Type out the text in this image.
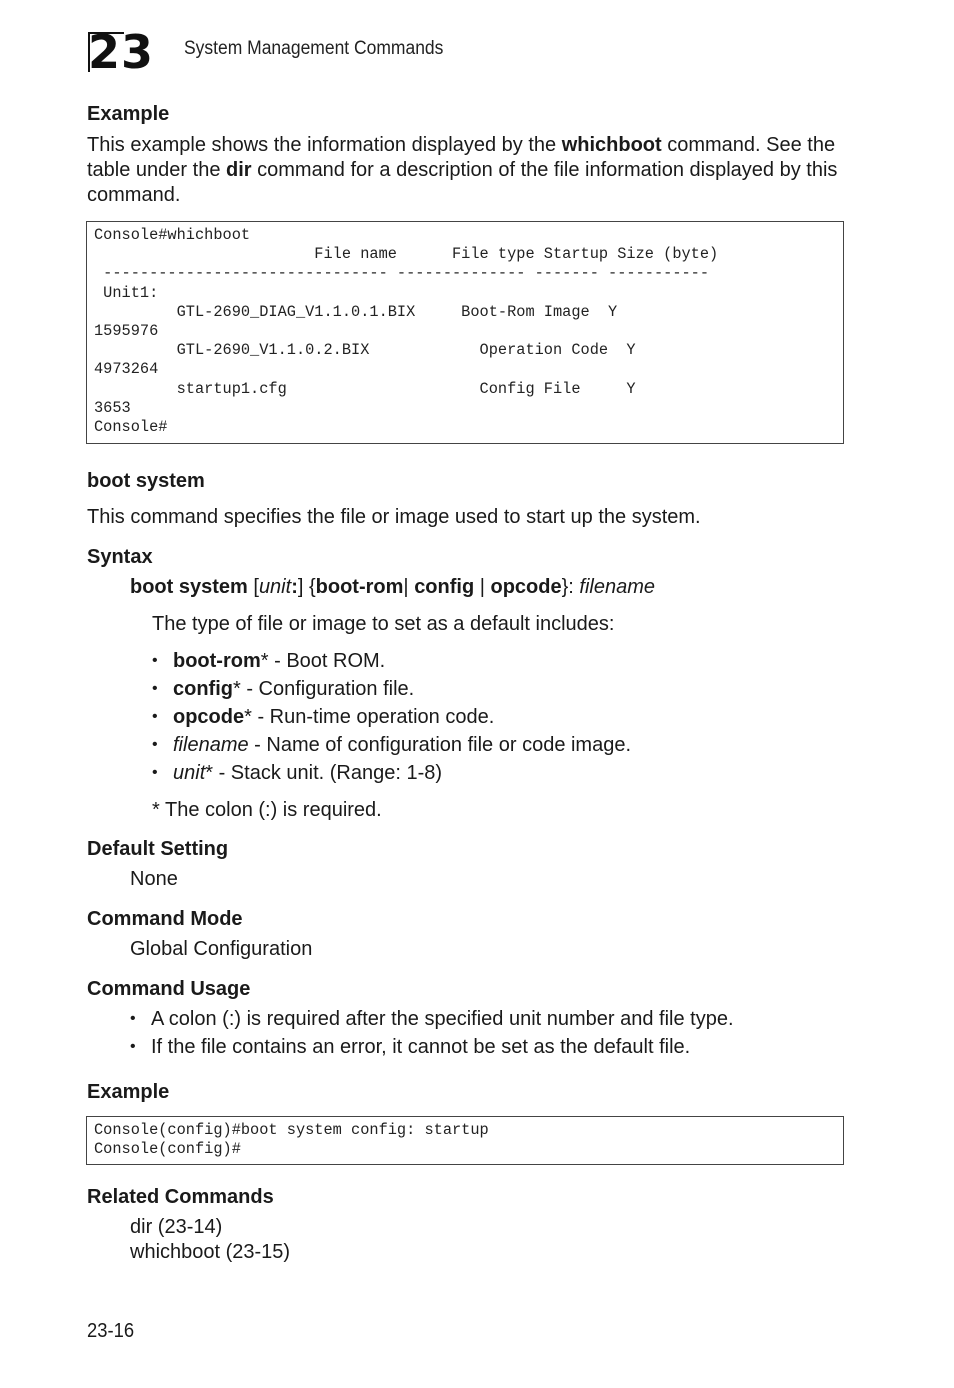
23	System Management Commands
Example
This example shows the information displayed by the whichboot command. See the table under the dir command for a description of the file information displayed by this command.
Console#whichboot
File name      File type Startup Size (byte)
------------------------------- -------------- ------- -----------
Unit1:
GTL-2690_DIAG_V1.1.0.1.BIX     Boot-Rom Image  Y
1595976
GTL-2690_V1.1.0.2.BIX            Operation Code  Y
4973264
startup1.cfg                     Config File     Y
3653
Console#
boot system
This command specifies the file or image used to start up the system.
Syntax
boot system [unit:] {boot-rom| config | opcode}: filename
The type of file or image to set as a default includes:
• boot-rom* - Boot ROM.
• config* - Configuration file.
• opcode* - Run-time operation code.
• filename - Name of configuration file or code image.
• unit* - Stack unit. (Range: 1-8)
* The colon (:) is required.
Default Setting
None
Command Mode
Global Configuration
Command Usage
• A colon (:) is required after the specified unit number and file type.
• If the file contains an error, it cannot be set as the default file.
Example
Console(config)#boot system config: startup
Console(config)#
Related Commands
dir (23-14)
whichboot (23-15)
23-16
